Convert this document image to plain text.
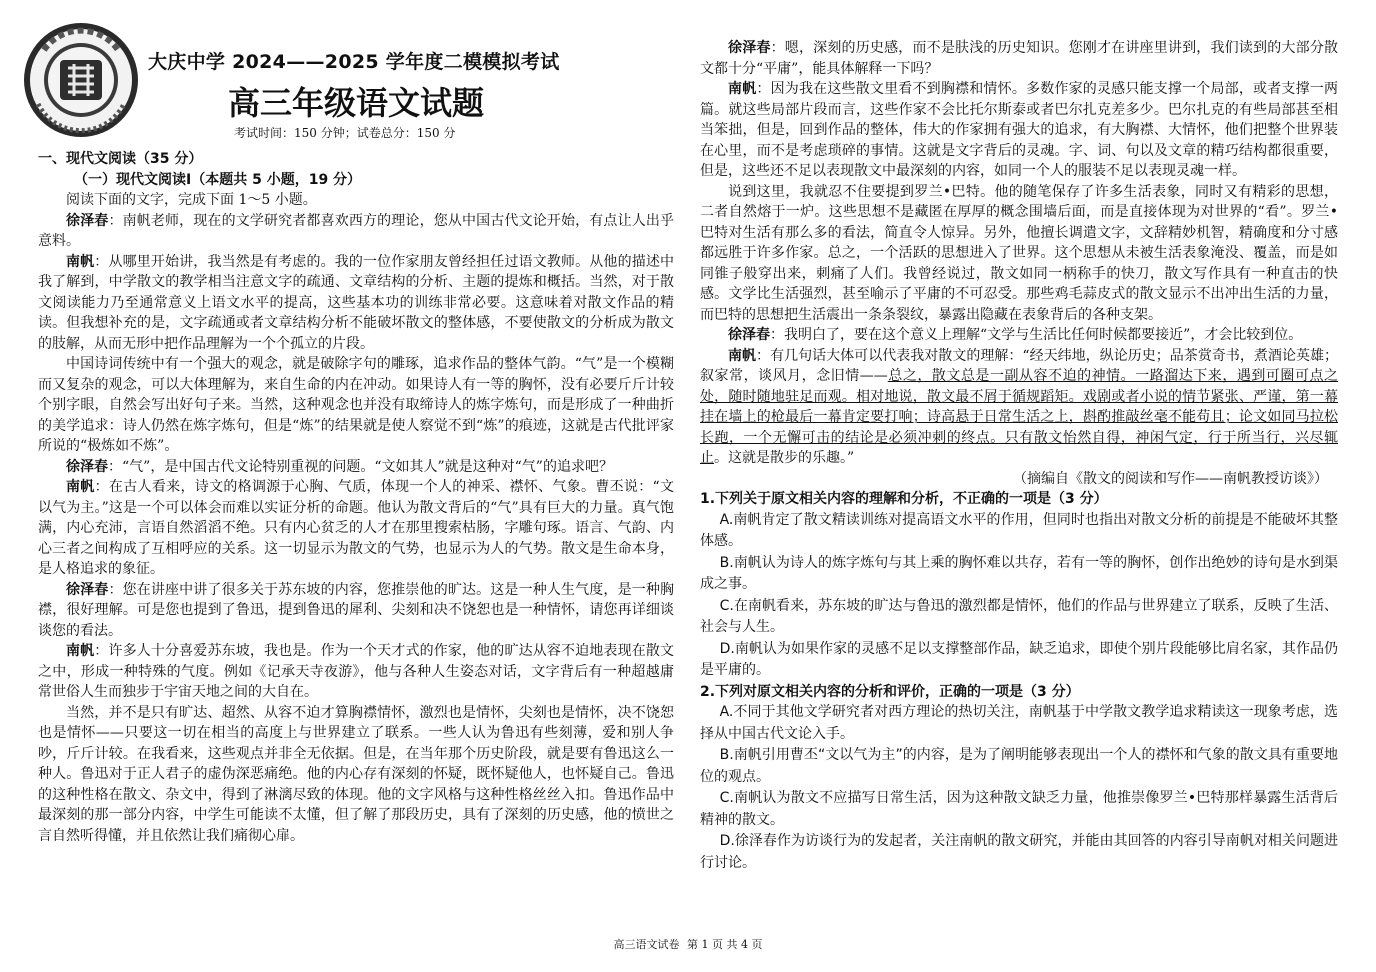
大庆中学 2024——2025 学年度二模模拟考试
高三年级语文试题
考试时间：150 分钟；试卷总分：150 分
一、现代文阅读（35 分）
（一）现代文阅读Ⅰ（本题共 5 小题，19 分）
阅读下面的文字，完成下面 1～5 小题。
徐泽春：南帆老师，现在的文学研究者都喜欢西方的理论，您从中国古代文论开始，有点让人出乎意料。
南帆：从哪里开始讲，我当然是有考虑的。我的一位作家朋友曾经担任过语文教师。从他的描述中我了解到，中学散文的教学相当注意文字的疏通、文章结构的分析、主题的提炼和概括。当然，对于散文阅读能力乃至通常意义上语文水平的提高，这些基本功的训练非常必要。这意味着对散文作品的精读。但我想补充的是，文字疏通或者文章结构分析不能破坏散文的整体感，不要使散文的分析成为散文的肢解，从而无形中把作品理解为一个个孤立的片段。
中国诗词传统中有一个强大的观念，就是破除字句的雕琢，追求作品的整体气韵。“气”是一个模糊而又复杂的观念，可以大体理解为，来自生命的内在冲动。如果诗人有一等的胸怀，没有必要斤斤计较个别字眼，自然会写出好句子来。当然，这种观念也并没有取缔诗人的炼字炼句，而是形成了一种曲折的美学追求：诗人仍然在炼字炼句，但是“炼”的结果就是使人察觉不到“炼”的痕迹，这就是古代批评家所说的“极炼如不炼”。
徐泽春：“气”，是中国古代文论特别重视的问题。“文如其人”就是这种对“气”的追求吧？
南帆：在古人看来，诗文的格调源于心胸、气质，体现一个人的神采、襟怀、气象。曹丕说：“文以气为主。”这是一个可以体会而难以实证分析的命题。他认为散文背后的“气”具有巨大的力量。真气饱满，内心充沛，言语自然滔滔不绝。只有内心贫乏的人才在那里搜索枯肠，字雕句琢。语言、气韵、内心三者之间构成了互相呼应的关系。这一切显示为散文的气势，也显示为人的气势。散文是生命本身，是人格追求的象征。
徐泽春：您在讲座中讲了很多关于苏东坡的内容，您推崇他的旷达。这是一种人生气度，是一种胸襟，很好理解。可是您也提到了鲁迅，提到鲁迅的犀利、尖刻和决不饶恕也是一种情怀，请您再详细谈谈您的看法。
南帆：许多人十分喜爱苏东坡，我也是。作为一个天才式的作家，他的旷达从容不迫地表现在散文之中，形成一种特殊的气度。例如《记承天寺夜游》，他与各种人生姿态对话，文字背后有一种超越庸常世俗人生而独步于宇宙天地之间的大自在。
当然，并不是只有旷达、超然、从容不迫才算胸襟情怀，激烈也是情怀，尖刻也是情怀，决不饶恕也是情怀——只要这一切在相当的高度上与世界建立了联系。一些人认为鲁迅有些刻薄，爱和别人争吵，斤斤计较。在我看来，这些观点并非全无依据。但是，在当年那个历史阶段，就是要有鲁迅这么一种人。鲁迅对于正人君子的虚伪深恶痛绝。他的内心存有深刻的怀疑，既怀疑他人，也怀疑自己。鲁迅的这种性格在散文、杂文中，得到了淋漓尽致的体现。他的文字风格与这种性格丝丝入扣。鲁迅作品中最深刻的那一部分内容，中学生可能读不太懂，但了解了那段历史，具有了深刻的历史感，他的愤世之言自然听得懂，并且依然让我们痛彻心扉。
徐泽春：嗯，深刻的历史感，而不是肤浅的历史知识。您刚才在讲座里讲到，我们读到的大部分散文都十分“平庸”，能具体解释一下吗？
南帆：因为我在这些散文里看不到胸襟和情怀。多数作家的灵感只能支撑一个局部，或者支撑一两篇。就这些局部片段而言，这些作家不会比托尔斯泰或者巴尔扎克差多少。巴尔扎克的有些局部甚至相当笨拙，但是，回到作品的整体，伟大的作家拥有强大的追求，有大胸襟、大情怀，他们把整个世界装在心里，而不是考虑琐碎的事情。这就是文字背后的灵魂。字、词、句以及文章的精巧结构都很重要，但是，这些还不足以表现散文中最深刻的内容，如同一个人的服装不足以表现灵魂一样。
说到这里，我就忍不住要提到罗兰•巴特。他的随笔保存了许多生活表象，同时又有精彩的思想，二者自然熔于一炉。这些思想不是藏匿在厚厚的概念围墙后面，而是直接体现为对世界的“看”。罗兰•巴特对生活有那么多的看法，简直令人惊异。另外，他擅长调遣文字，文辞精妙机智，精确度和分寸感都远胜于许多作家。总之，一个活跃的思想进入了世界。这个思想从未被生活表象淹没、覆盖，而是如同锥子般穿出来，刺痛了人们。我曾经说过，散文如同一柄称手的快刀，散文写作具有一种直击的快感。文学比生活强烈，甚至喻示了平庸的不可忍受。那些鸡毛蒜皮式的散文显示不出冲出生活的力量，而巴特的思想把生活震出一条条裂纹，暴露出隐藏在表象背后的各种支架。
徐泽春：我明白了，要在这个意义上理解“文学与生活比任何时候都要接近”，才会比较到位。
南帆：有几句话大体可以代表我对散文的理解：“经天纬地，纵论历史；品茶赏奇书，煮酒论英雄；叙家常，谈风月，念旧情——总之，散文总是一副从容不迫的神情。一路溜达下来，遇到可圈可点之处，随时随地驻足而观。相对地说，散文最不屑于循规蹈矩。戏剧或者小说的情节紧张、严谨，第一幕挂在墙上的枪最后一幕肯定要打响；诗高悬于日常生活之上，斟酌推敲丝毫不能苟且；论文如同马拉松长跑，一个无懈可击的结论是必须冲刺的终点。只有散文怡然自得，神闲气定，行于所当行，兴尽辄止。这就是散步的乐趣。”
（摘编自《散文的阅读和写作——南帆教授访谈》）
1.下列关于原文相关内容的理解和分析，不正确的一项是（3 分）
A.南帆肯定了散文精读训练对提高语文水平的作用，但同时也指出对散文分析的前提是不能破坏其整体感。
B.南帆认为诗人的炼字炼句与其上乘的胸怀难以共存，若有一等的胸怀，创作出绝妙的诗句是水到渠成之事。
C.在南帆看来，苏东坡的旷达与鲁迅的激烈都是情怀，他们的作品与世界建立了联系，反映了生活、社会与人生。
D.南帆认为如果作家的灵感不足以支撑整部作品，缺乏追求，即使个别片段能够比肩名家，其作品仍是平庸的。
2.下列对原文相关内容的分析和评价，正确的一项是（3 分）
A.不同于其他文学研究者对西方理论的热切关注，南帆基于中学散文教学追求精读这一现象考虑，选择从中国古代文论入手。
B.南帆引用曹丕“文以气为主”的内容，是为了阐明能够表现出一个人的襟怀和气象的散文具有重要地位的观点。
C.南帆认为散文不应描写日常生活，因为这种散文缺乏力量，他推崇像罗兰•巴特那样暴露生活背后精神的散文。
D.徐泽春作为访谈行为的发起者，关注南帆的散文研究，并能由其回答的内容引导南帆对相关问题进行讨论。
高三语文试卷 第 1 页 共 4 页
